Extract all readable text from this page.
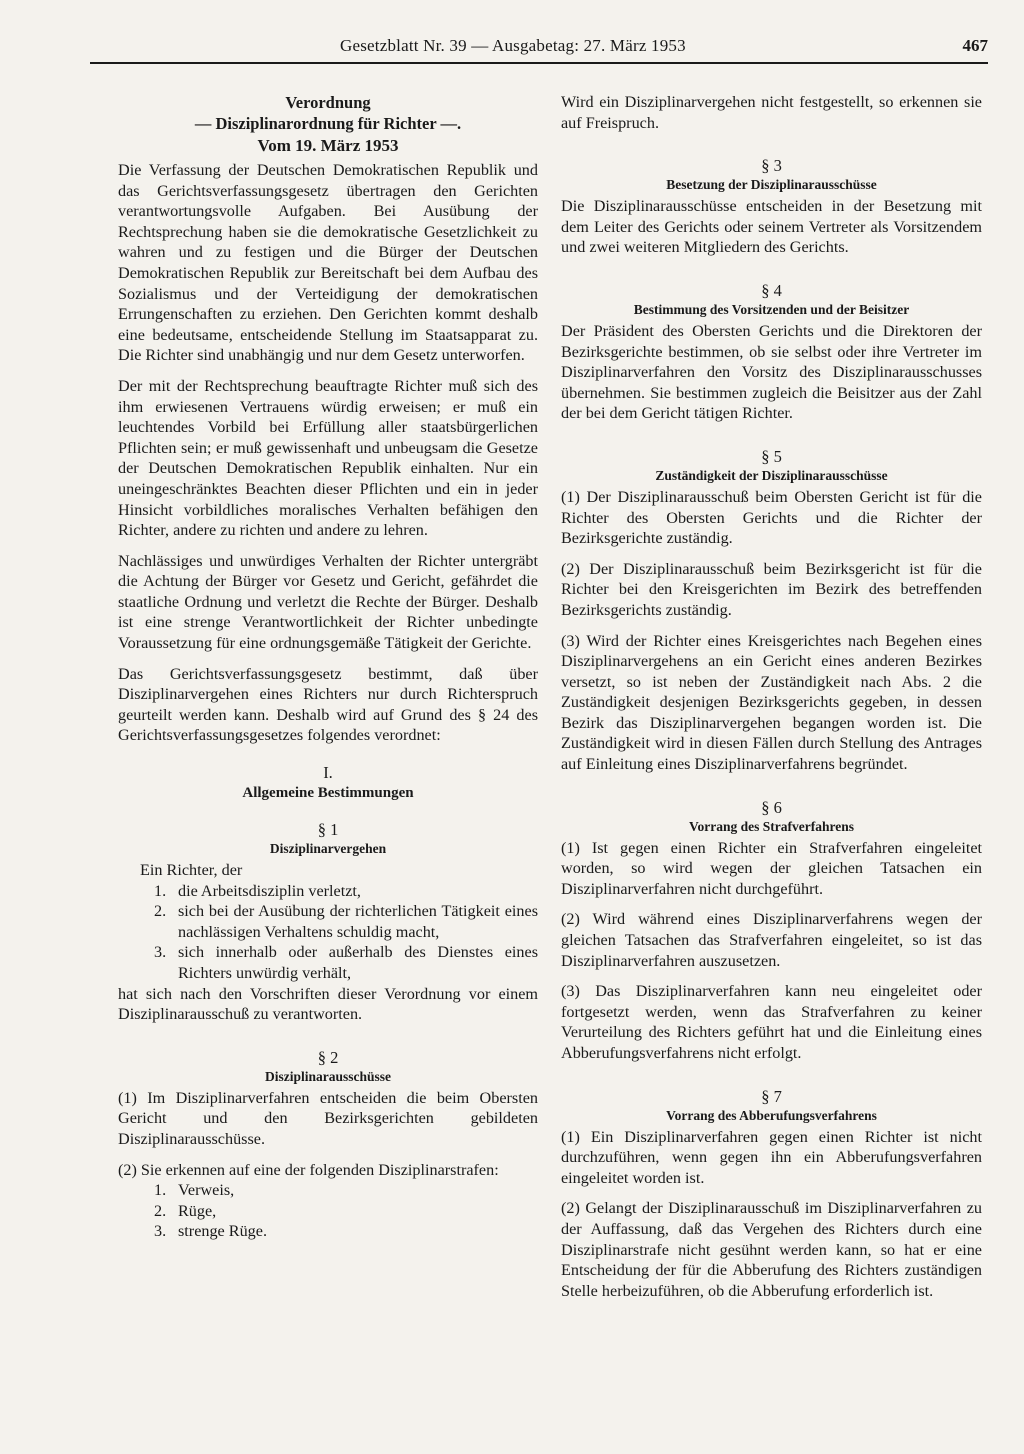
Gesetzblatt Nr. 39 — Ausgabetag: 27. März 1953	467
Verordnung
— Disziplinarordnung für Richter —.
Vom 19. März 1953

Die Verfassung der Deutschen Demokratischen Republik und das Gerichtsverfassungsgesetz übertragen den Gerichten verantwortungsvolle Aufgaben. Bei Ausübung der Rechtsprechung haben sie die demokratische Gesetzlichkeit zu wahren und zu festigen und die Bürger der Deutschen Demokratischen Republik zur Bereitschaft bei dem Aufbau des Sozialismus und der Verteidigung der demokratischen Errungenschaften zu erziehen. Den Gerichten kommt deshalb eine bedeutsame, entscheidende Stellung im Staatsapparat zu. Die Richter sind unabhängig und nur dem Gesetz unterworfen.

Der mit der Rechtsprechung beauftragte Richter muß sich des ihm erwiesenen Vertrauens würdig erweisen; er muß ein leuchtendes Vorbild bei Erfüllung aller staatsbürgerlichen Pflichten sein; er muß gewissenhaft und unbeugsam die Gesetze der Deutschen Demokratischen Republik einhalten. Nur ein uneingeschränktes Beachten dieser Pflichten und ein in jeder Hinsicht vorbildliches moralisches Verhalten befähigen den Richter, andere zu richten und andere zu lehren.

Nachlässiges und unwürdiges Verhalten der Richter untergräbt die Achtung der Bürger vor Gesetz und Gericht, gefährdet die staatliche Ordnung und verletzt die Rechte der Bürger. Deshalb ist eine strenge Verantwortlichkeit der Richter unbedingte Voraussetzung für eine ordnungsgemäße Tätigkeit der Gerichte.

Das Gerichtsverfassungsgesetz bestimmt, daß über Disziplinarvergehen eines Richters nur durch Richterspruch geurteilt werden kann. Deshalb wird auf Grund des § 24 des Gerichtsverfassungsgesetzes folgendes verordnet:

I.
Allgemeine Bestimmungen
§ 1
Disziplinarvergehen
Ein Richter, der
1. die Arbeitsdisziplin verletzt,
2. sich bei der Ausübung der richterlichen Tätigkeit eines nachlässigen Verhaltens schuldig macht,
3. sich innerhalb oder außerhalb des Dienstes eines Richters unwürdig verhält,

hat sich nach den Vorschriften dieser Verordnung vor einem Disziplinarausschuß zu verantworten.

§ 2
Disziplinarausschüsse

(1) Im Disziplinarverfahren entscheiden die beim Obersten Gericht und den Bezirksgerichten gebildeten Disziplinarausschüsse.

(2) Sie erkennen auf eine der folgenden Disziplinarstrafen:

1. Verweis,
2. Rüge,
3. strenge Rüge.

Wird ein Disziplinarvergehen nicht festgestellt, so erkennen sie auf Freispruch.

§ 3
Besetzung der Disziplinarausschüsse

Die Disziplinarausschüsse entscheiden in der Besetzung mit dem Leiter des Gerichts oder seinem Vertreter als Vorsitzendem und zwei weiteren Mitgliedern des Gerichts.

§ 4
Bestimmung des Vorsitzenden und der Beisitzer

Der Präsident des Obersten Gerichts und die Direktoren der Bezirksgerichte bestimmen, ob sie selbst oder ihre Vertreter im Disziplinarverfahren den Vorsitz des Disziplinarausschusses übernehmen. Sie bestimmen zugleich die Beisitzer aus der Zahl der bei dem Gericht tätigen Richter.

§ 5
Zuständigkeit der Disziplinarausschüsse

(1) Der Disziplinarausschuß beim Obersten Gericht ist für die Richter des Obersten Gerichts und die Richter der Bezirksgerichte zuständig.

(2) Der Disziplinarausschuß beim Bezirksgericht ist für die Richter bei den Kreisgerichten im Bezirk des betreffenden Bezirksgerichts zuständig.

(3) Wird der Richter eines Kreisgerichtes nach Begehen eines Disziplinarvergehens an ein Gericht eines anderen Bezirkes versetzt, so ist neben der Zuständigkeit nach Abs. 2 die Zuständigkeit desjenigen Bezirksgerichts gegeben, in dessen Bezirk das Disziplinarvergehen begangen worden ist. Die Zuständigkeit wird in diesen Fällen durch Stellung des Antrages auf Einleitung eines Disziplinarverfahrens begründet.

§ 6
Vorrang des Strafverfahrens

(1) Ist gegen einen Richter ein Strafverfahren eingeleitet worden, so wird wegen der gleichen Tatsachen ein Disziplinarverfahren nicht durchgeführt.

(2) Wird während eines Disziplinarverfahrens wegen der gleichen Tatsachen das Strafverfahren eingeleitet, so ist das Disziplinarverfahren auszusetzen.

(3) Das Disziplinarverfahren kann neu eingeleitet oder fortgesetzt werden, wenn das Strafverfahren zu keiner Verurteilung des Richters geführt hat und die Einleitung eines Abberufungsverfahrens nicht erfolgt.

§ 7
Vorrang des Abberufungsverfahrens

(1) Ein Disziplinarverfahren gegen einen Richter ist nicht durchzuführen, wenn gegen ihn ein Abberufungsverfahren eingeleitet worden ist.

(2) Gelangt der Disziplinarausschuß im Disziplinarverfahren zu der Auffassung, daß das Vergehen des Richters durch eine Disziplinarstrafe nicht gesühnt werden kann, so hat er eine Entscheidung der für die Abberufung des Richters zuständigen Stelle herbeizuführen, ob die Abberufung erforderlich ist.
